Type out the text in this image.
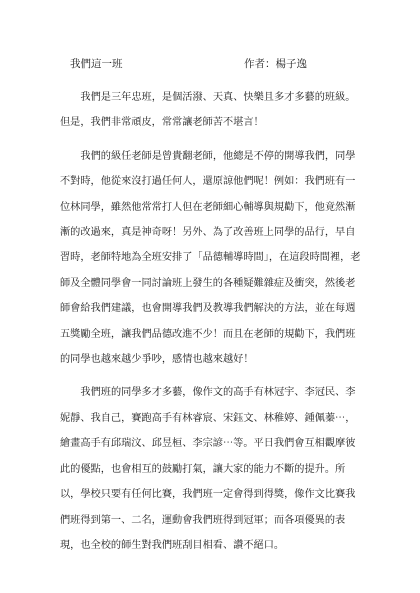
我們這一班	作者：楊子逸

我們是三年忠班，是個活潑、天真、快樂且多才多藝的班級。但是，我們非常頑皮，常常讓老師苦不堪言！

我們的級任老師是曾貴翻老師，他總是不停的開導我們，同學不對時，他從來沒打過任何人，還原諒他們呢！例如：我們班有一位林同學，雖然他常常打人但在老師細心輔導與規勸下，他竟然漸漸的改過來，真是神奇呀！另外、為了改善班上同學的品行，早自習時，老師特地為全班安排了「品德輔導時間」，在這段時間裡，老師及全體同學會一同討論班上發生的各種疑難雜症及衝突，然後老師會給我們建議，也會開導我們及教導我們解決的方法，並在每週五獎勵全班，讓我們品德改進不少！而且在老師的規勸下，我們班的同學也越來越少爭吵，感情也越來越好！

我們班的同學多才多藝，像作文的高手有林冠宇、李冠民、李妮靜、我自己，賽跑高手有林睿宸、宋鈺文、林稚婷、鍾佩蓁⋯，繪畫高手有邱瑞汶、邱昱桓、李宗諺⋯等。平日我們會互相觀摩彼此的優點，也會相互的鼓勵打氣，讓大家的能力不斷的提升。所以，學校只要有任何比賽，我們班一定會得到得獎，像作文比賽我們班得到第一、二名，運動會我們班得到冠軍；而各項優異的表現，也全校的師生對我們班刮目相看、讚不絕口。
